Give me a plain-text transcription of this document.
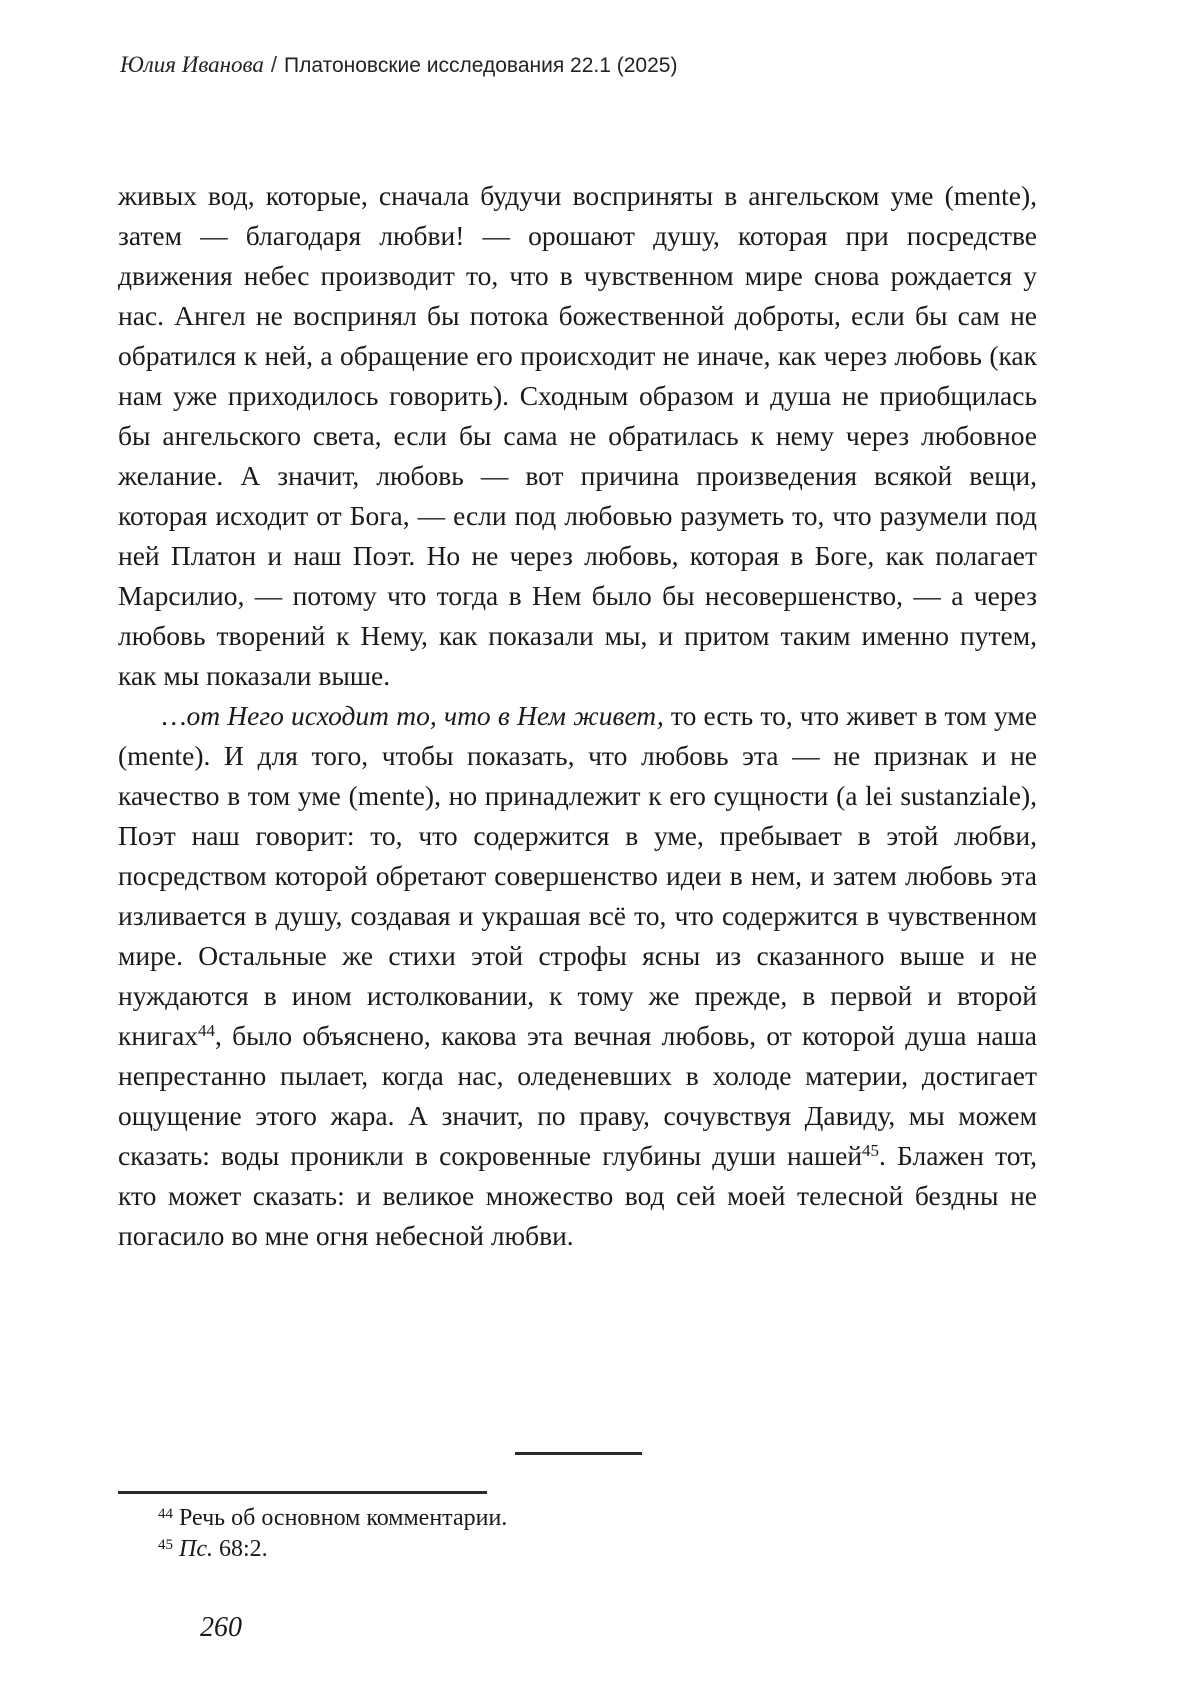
Юлия Иванова / Платоновские исследования 22.1 (2025)

живых вод, которые, сначала будучи восприняты в ангельском уме (mente), затем — благодаря любви! — орошают душу, которая при посредстве движения небес производит то, что в чувственном мире снова рождается у нас. Ангел не воспринял бы потока божественной доброты, если бы сам не обратился к ней, а обращение его происходит не иначе, как через любовь (как нам уже приходилось говорить). Сходным образом и душа не приобщилась бы ангельского света, если бы сама не обратилась к нему через любовное желание. А значит, любовь — вот причина произведения всякой вещи, которая исходит от Бога, — если под любовью разуметь то, что разумели под ней Платон и наш Поэт. Но не через любовь, которая в Боге, как полагает Марсилио, — потому что тогда в Нем было бы несовершенство, — а через любовь творений к Нему, как показали мы, и притом таким именно путем, как мы показали выше.

…от Него исходит то, что в Нем живет, то есть то, что живет в том уме (mente). И для того, чтобы показать, что любовь эта — не признак и не качество в том уме (mente), но принадлежит к его сущности (a lei sustanziale), Поэт наш говорит: то, что содержится в уме, пребывает в этой любви, посредством которой обретают совершенство идеи в нем, и затем любовь эта изливается в душу, создавая и украшая всё то, что содержится в чувственном мире. Остальные же стихи этой строфы ясны из сказанного выше и не нуждаются в ином истолковании, к тому же прежде, в первой и второй книгах$^{44}$, было объяснено, какова эта вечная любовь, от которой душа наша непрестанно пылает, когда нас, оледеневших в холоде материи, достигает ощущение этого жара. А значит, по праву, сочувствуя Давиду, мы можем сказать: воды проникли в сокровенные глубины души нашей$^{45}$. Блажен тот, кто может сказать: и великое множество вод сей моей телесной бездны не погасило во мне огня небесной любви.

$^{44}$ Речь об основном комментарии.

$^{45}$ Пс. 68:2.

260
